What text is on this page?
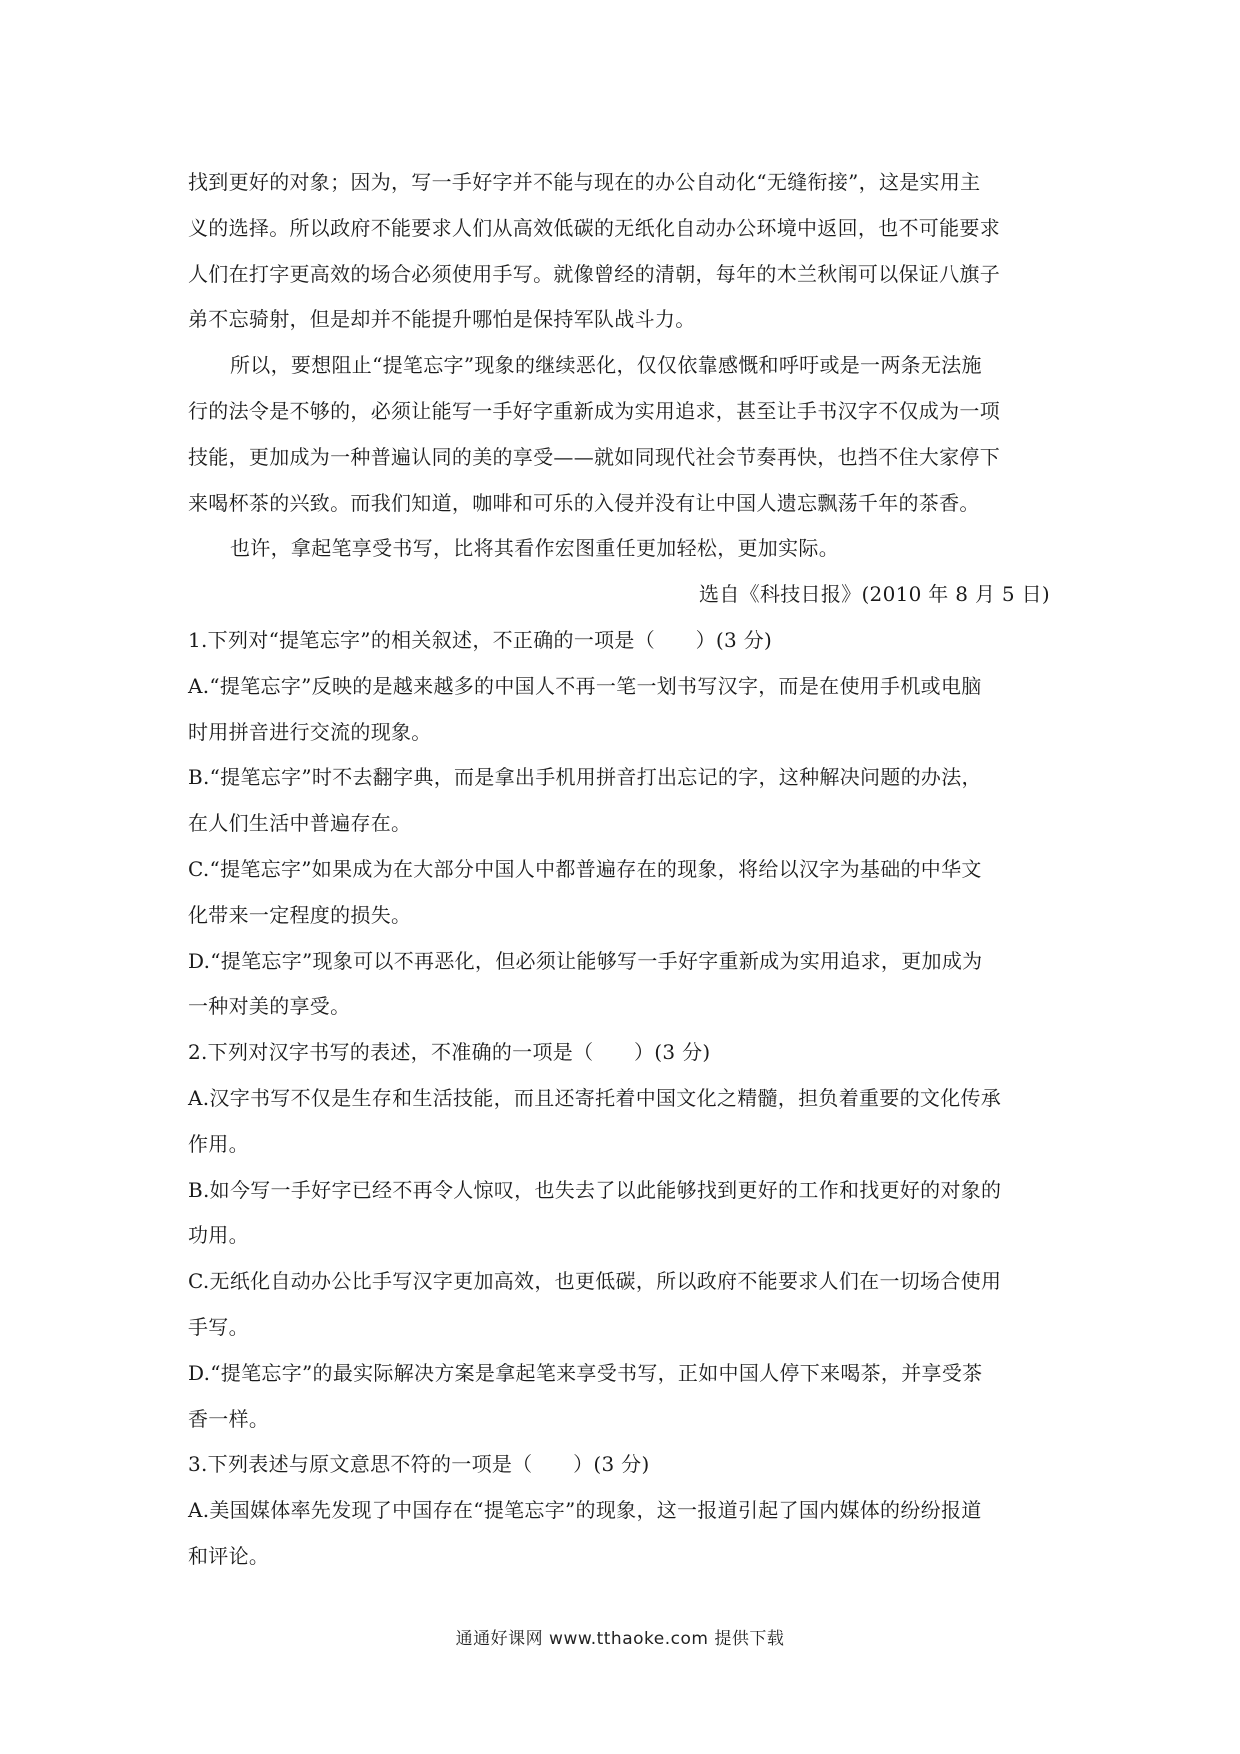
找到更好的对象；因为，写一手好字并不能与现在的办公自动化“无缝衔接”，这是实用主
义的选择。所以政府不能要求人们从高效低碳的无纸化自动办公环境中返回，也不可能要求
人们在打字更高效的场合必须使用手写。就像曾经的清朝，每年的木兰秋闱可以保证八旗子
弟不忘骑射，但是却并不能提升哪怕是保持军队战斗力。
所以，要想阻止“提笔忘字”现象的继续恶化，仅仅依靠感慨和呼吁或是一两条无法施
行的法令是不够的，必须让能写一手好字重新成为实用追求，甚至让手书汉字不仅成为一项
技能，更加成为一种普遍认同的美的享受——就如同现代社会节奏再快，也挡不住大家停下
来喝杯茶的兴致。而我们知道，咖啡和可乐的入侵并没有让中国人遗忘飘荡千年的茶香。
也许，拿起笔享受书写，比将其看作宏图重任更加轻松，更加实际。
选自《科技日报》(2010 年 8 月 5 日)
1.下列对“提笔忘字”的相关叙述，不正确的一项是（　　）(3 分)
A.“提笔忘字”反映的是越来越多的中国人不再一笔一划书写汉字，而是在使用手机或电脑
时用拼音进行交流的现象。
B.“提笔忘字”时不去翻字典，而是拿出手机用拼音打出忘记的字，这种解决问题的办法，
在人们生活中普遍存在。
C.“提笔忘字”如果成为在大部分中国人中都普遍存在的现象，将给以汉字为基础的中华文
化带来一定程度的损失。
D.“提笔忘字”现象可以不再恶化，但必须让能够写一手好字重新成为实用追求，更加成为
一种对美的享受。
2.下列对汉字书写的表述，不准确的一项是（　　）(3 分)
A.汉字书写不仅是生存和生活技能，而且还寄托着中国文化之精髓，担负着重要的文化传承
作用。
B.如今写一手好字已经不再令人惊叹，也失去了以此能够找到更好的工作和找更好的对象的
功用。
C.无纸化自动办公比手写汉字更加高效，也更低碳，所以政府不能要求人们在一切场合使用
手写。
D.“提笔忘字”的最实际解决方案是拿起笔来享受书写，正如中国人停下来喝茶，并享受茶
香一样。
3.下列表述与原文意思不符的一项是（　　）(3 分)
A.美国媒体率先发现了中国存在“提笔忘字”的现象，这一报道引起了国内媒体的纷纷报道
和评论。
通通好课网 www.tthaoke.com 提供下载
